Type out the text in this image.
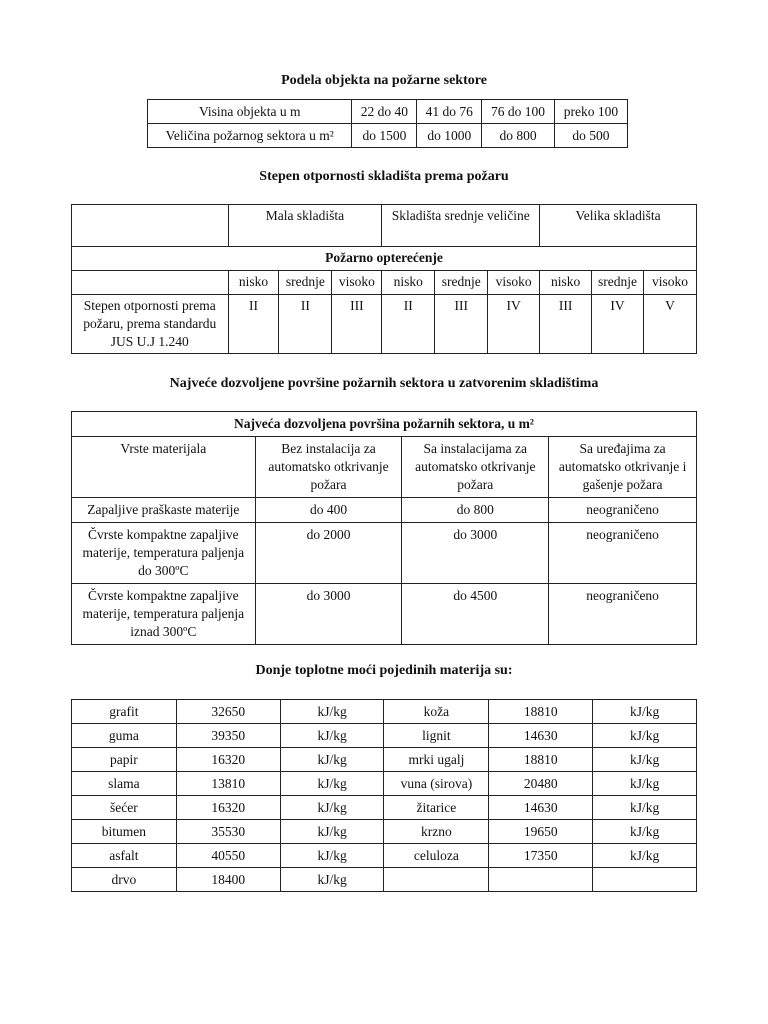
Podela objekta na požarne sektore
Visina objekta u m	22 do 40	41 do 76	76 do 100	preko 100
Veličina požarnog sektora u m²	do 1500	do 1000	do 800	do 500
Stepen otpornosti skladišta prema požaru
	Mala skladišta			Skladišta srednje veličine			Velika skladišta		
Požarno opterećenje									
	nisko	srednje	visoko	nisko	srednje	visoko	nisko	srednje	visoko
Stepen otpornosti prema požaru, prema standardu JUS U.J 1.240	II	II	III	II	III	IV	III	IV	V
Najveće dozvoljene površine požarnih sektora u zatvorenim skladištima
Najveća dozvoljena površina požarnih sektora, u m²			
Vrste materijala	Bez instalacija za automatsko otkrivanje požara	Sa instalacijama za automatsko otkrivanje požara	Sa uređajima za automatsko otkrivanje i gašenje požara
Zapaljive praškaste materije	do 400	do 800	neograničeno
Čvrste kompaktne zapaljive materije, temperatura paljenja do 300ºC	do 2000	do 3000	neograničeno
Čvrste kompaktne zapaljive materije, temperatura paljenja iznad 300ºC	do 3000	do 4500	neograničeno
Donje toplotne moći pojedinih materija su:
grafit	32650	kJ/kg	koža	18810	kJ/kg
guma	39350	kJ/kg	lignit	14630	kJ/kg
papir	16320	kJ/kg	mrki ugalj	18810	kJ/kg
slama	13810	kJ/kg	vuna (sirova)	20480	kJ/kg
šećer	16320	kJ/kg	žitarice	14630	kJ/kg
bitumen	35530	kJ/kg	krzno	19650	kJ/kg
asfalt	40550	kJ/kg	celuloza	17350	kJ/kg
drvo	18400	kJ/kg			
